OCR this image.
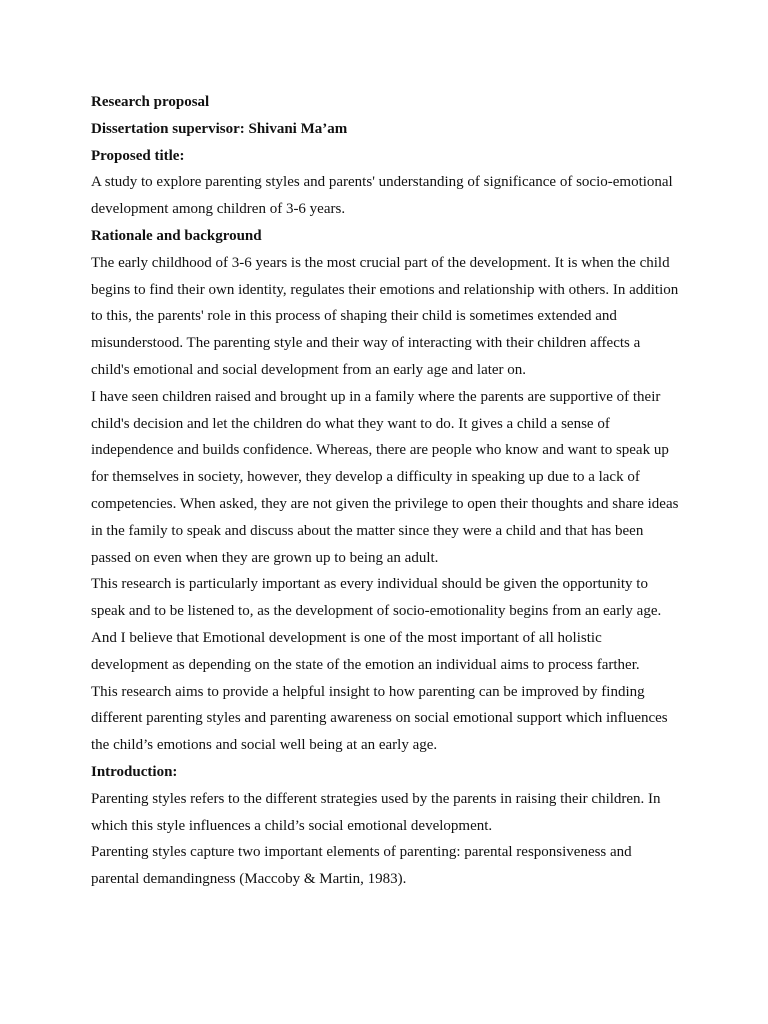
Research proposal

Dissertation supervisor: Shivani Ma’am

Proposed title:

A study to explore parenting styles and parents' understanding of significance of socio-emotional development among children of 3-6 years.

Rationale and background

The early childhood of 3-6 years is the most crucial part of the development. It is when the child begins to find their own identity, regulates their emotions and relationship with others. In addition to this, the parents' role in this process of shaping their child is sometimes extended and misunderstood. The parenting style and their way of interacting with their children affects a child's emotional and social development from an early age and later on.

I have seen children raised and brought up in a family where the parents are supportive of their child's decision and let the children do what they want to do. It gives a child a sense of independence and builds confidence. Whereas, there are people who know and want to speak up for themselves in society, however, they develop a difficulty in speaking up due to a lack of competencies. When asked, they are not given the privilege to open their thoughts and share ideas in the family to speak and discuss about the matter since they were a child and that has been passed on even when they are grown up to being an adult.

This research is particularly important as every individual should be given the opportunity to speak and to be listened to, as the development of socio-emotionality begins from an early age. And I believe that Emotional development is one of the most important of all holistic development as depending on the state of the emotion an individual aims to process farther.

This research aims to provide a helpful insight to how parenting can be improved by finding different parenting styles and parenting awareness on social emotional support which influences the child’s emotions and social well being at an early age.

Introduction:

Parenting styles refers to the different strategies used by the parents in raising their children. In which this style influences a child’s social emotional development.

Parenting styles capture two important elements of parenting: parental responsiveness and parental demandingness (Maccoby & Martin, 1983).
